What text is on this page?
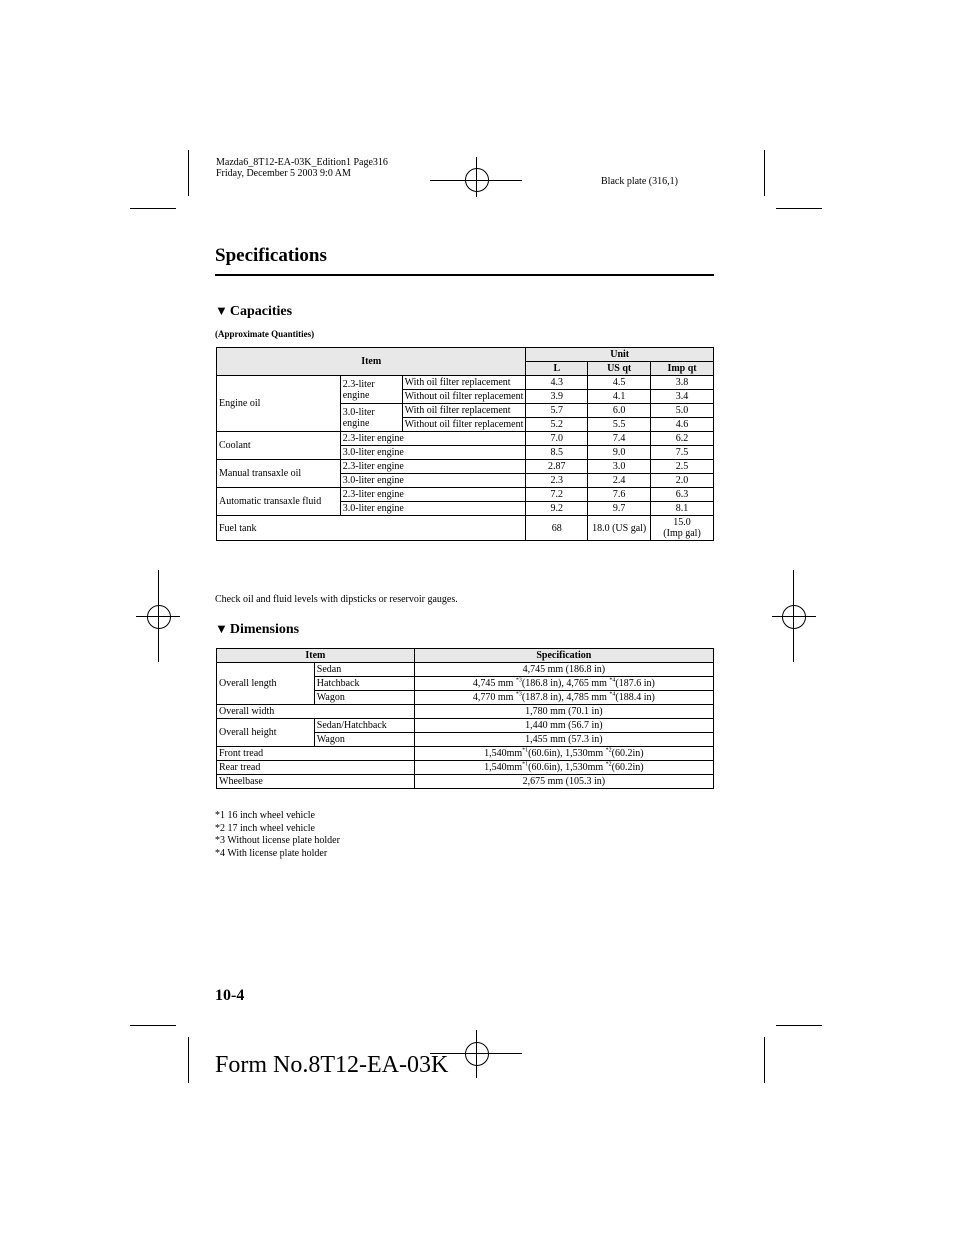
Mazda6_8T12-EA-03K_Edition1 Page316
Friday, December 5 2003 9:0 AM
Black plate (316,1)
Specifications
▼ Capacities
(Approximate Quantities)
Item			Unit		
			L	US qt	Imp qt
Engine oil	2.3-liter engine	With oil filter replacement	4.3	4.5	3.8
		Without oil filter replacement	3.9	4.1	3.4
	3.0-liter engine	With oil filter replacement	5.7	6.0	5.0
		Without oil filter replacement	5.2	5.5	4.6
Coolant	2.3-liter engine		7.0	7.4	6.2
	3.0-liter engine		8.5	9.0	7.5
Manual transaxle oil	2.3-liter engine		2.87	3.0	2.5
	3.0-liter engine		2.3	2.4	2.0
Automatic transaxle fluid	2.3-liter engine		7.2	7.6	6.3
	3.0-liter engine		9.2	9.7	8.1
Fuel tank			68	18.0 (US gal)	15.0
(Imp gal)
Check oil and fluid levels with dipsticks or reservoir gauges.
▼ Dimensions
Item		Specification
Overall length	Sedan	4,745 mm (186.8 in)
	Hatchback	4,745 mm $^{*3}$(186.8 in), 4,765 mm $^{*4}$(187.6 in)
	Wagon	4,770 mm $^{*3}$(187.8 in), 4,785 mm $^{*4}$(188.4 in)
Overall width		1,780 mm (70.1 in)
Overall height	Sedan/Hatchback	1,440 mm (56.7 in)
	Wagon	1,455 mm (57.3 in)
Front tread		$1,540mm^{*1}(60.6in)$, 1,530mm $^{*2}$(60.2in)
Rear tread		$1,540mm^{*1}(60.6in)$, 1,530mm $^{*2}$(60.2in)
Wheelbase		2,675 mm (105.3 in)
*1 16 inch wheel vehicle
*2 17 inch wheel vehicle
*3 Without license plate holder
*4 With license plate holder
10-4
Form No.8T12-EA-03K
